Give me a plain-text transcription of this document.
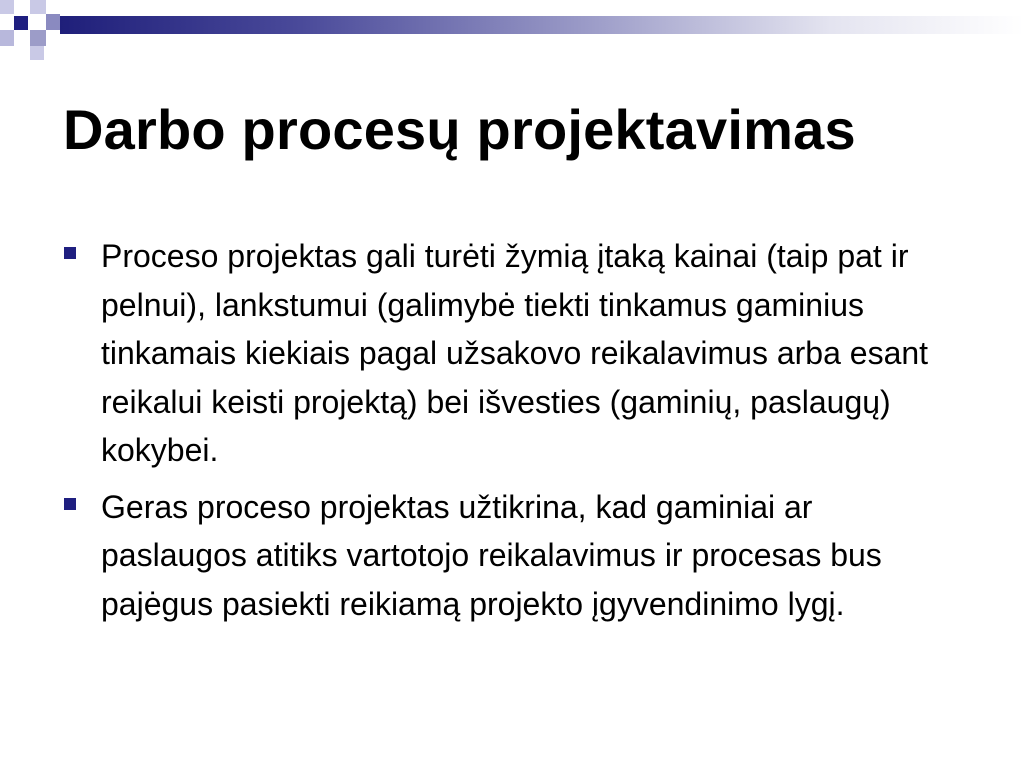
Darbo procesų projektavimas
Proceso projektas gali turėti žymią įtaką kainai (taip pat ir pelnui), lankstumui (galimybė tiekti tinkamus gaminius tinkamais kiekiais pagal užsakovo reikalavimus arba esant reikalui keisti projektą) bei išvesties (gaminių, paslaugų) kokybei.
Geras proceso projektas užtikrina, kad gaminiai ar paslaugos atitiks vartotojo reikalavimus ir procesas bus pajėgus pasiekti reikiamą projekto įgyvendinimo lygį.
